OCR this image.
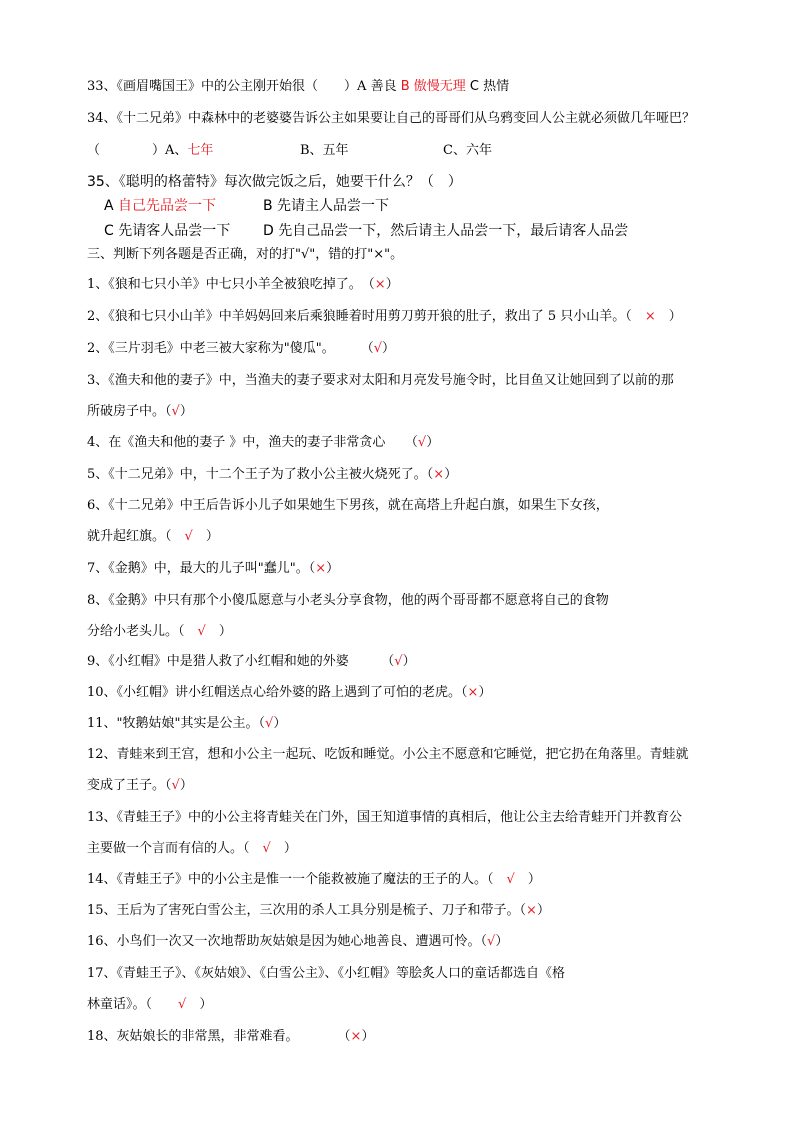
33、《画眉嘴国王》中的公主刚开始很（　　）A 善良 B 傲慢无理 C 热情
34、《十二兄弟》中森林中的老婆婆告诉公主如果要让自己的哥哥们从乌鸦变回人公主就必须做几年哑巴？
（　　　　）A、七年	B、五年	C、六年
35、《聪明的格蕾特》每次做完饭之后，她要干什么？（　）
A 自己先品尝一下	B 先请主人品尝一下
C 先请客人品尝一下 D 先自己品尝一下，然后请主人品尝一下，最后请客人品尝
三、判断下列各题是否正确，对的打"√"，错的打"×"。
1、《狼和七只小羊》中七只小羊全被狼吃掉了。　（×）
2、《狼和七只小山羊》中羊妈妈回来后乘狼睡着时用剪刀剪开狼的肚子，救出了 5 只小山羊。（　×　）
2、《三片羽毛》中老三被大家称为"傻瓜"。　　　（√）
3、《渔夫和他的妻子》中，当渔夫的妻子要求对太阳和月亮发号施令时，比目鱼又让她回到了以前的那
所破房子中。（√）
4、在《渔夫和他的妻子 》中，渔夫的妻子非常贪心　　（√）
5、《十二兄弟》中，十二个王子为了救小公主被火烧死了。（×）
6、《十二兄弟》中王后告诉小儿子如果她生下男孩，就在高塔上升起白旗，如果生下女孩，
就升起红旗。（　√　）
7、《金鹅》中，最大的儿子叫"蠢儿"。（×）
8、《金鹅》中只有那个小傻瓜愿意与小老头分享食物，他的两个哥哥都不愿意将自己的食物
分给小老头儿。（　√　）
9、《小红帽》中是猎人救了小红帽和她的外婆　　　（√）
10、《小红帽》讲小红帽送点心给外婆的路上遇到了可怕的老虎。（×）
11、"牧鹅姑娘"其实是公主。（√）
12、青蛙来到王宫，想和小公主一起玩、吃饭和睡觉。小公主不愿意和它睡觉，把它扔在角落里。青蛙就
变成了王子。（√）
13、《青蛙王子》中的小公主将青蛙关在门外，国王知道事情的真相后，他让公主去给青蛙开门并教育公
主要做一个言而有信的人。（　√　）
14、《青蛙王子》中的小公主是惟一一个能救被施了魔法的王子的人。（　√　）
15、王后为了害死白雪公主，三次用的杀人工具分别是梳子、刀子和带子。（×）
16、小鸟们一次又一次地帮助灰姑娘是因为她心地善良、遭遇可怜。（√）
17、《青蛙王子》、《灰姑娘》、《白雪公主》、《小红帽》等脍炙人口的童话都选自《格
林童话》。（　　√　）
18、灰姑娘长的非常黑，非常难看。　　　　（×）
